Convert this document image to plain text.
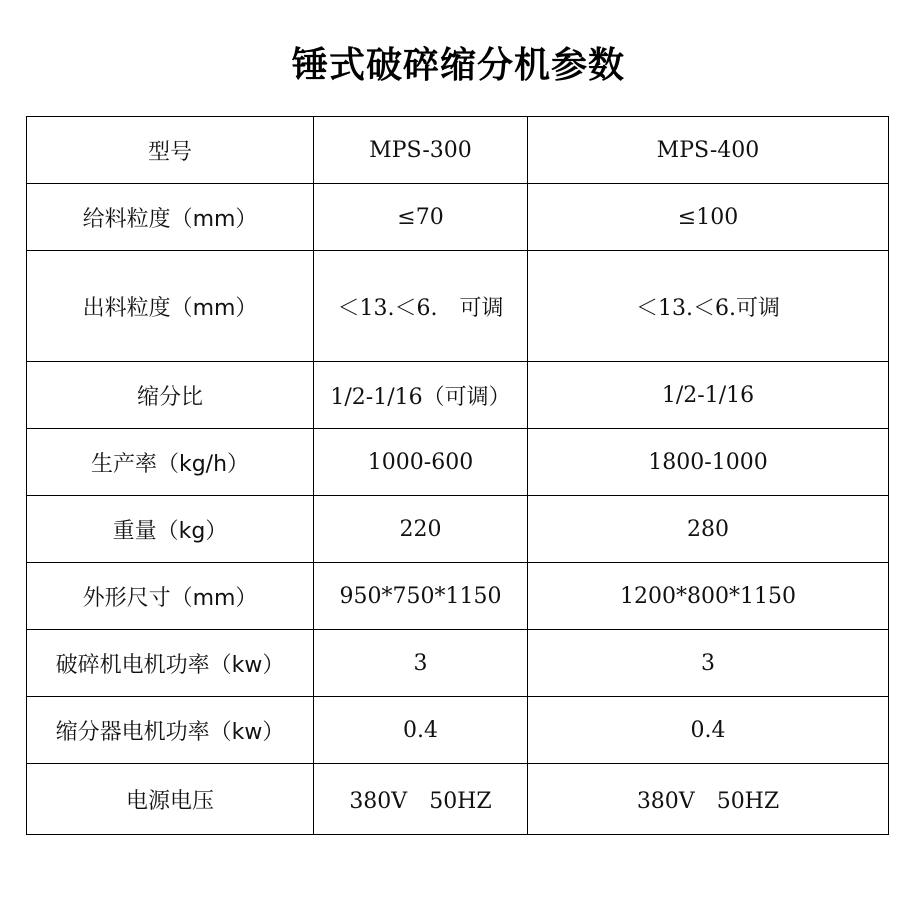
锤式破碎缩分机参数
型号	MPS-300	MPS-400
给料粒度（mm）	≤70	≤100
出料粒度（mm）	＜13.＜6.　可调	＜13.＜6.可调
缩分比	1/2-1/16（可调）	1/2-1/16
生产率（kg/h）	1000-600	1800-1000
重量（kg）	220	280
外形尺寸（mm）	950*750*1150	1200*800*1150
破碎机电机功率（kw）	3	3
缩分器电机功率（kw）	0.4	0.4
电源电压	380V　50HZ	380V　50HZ
